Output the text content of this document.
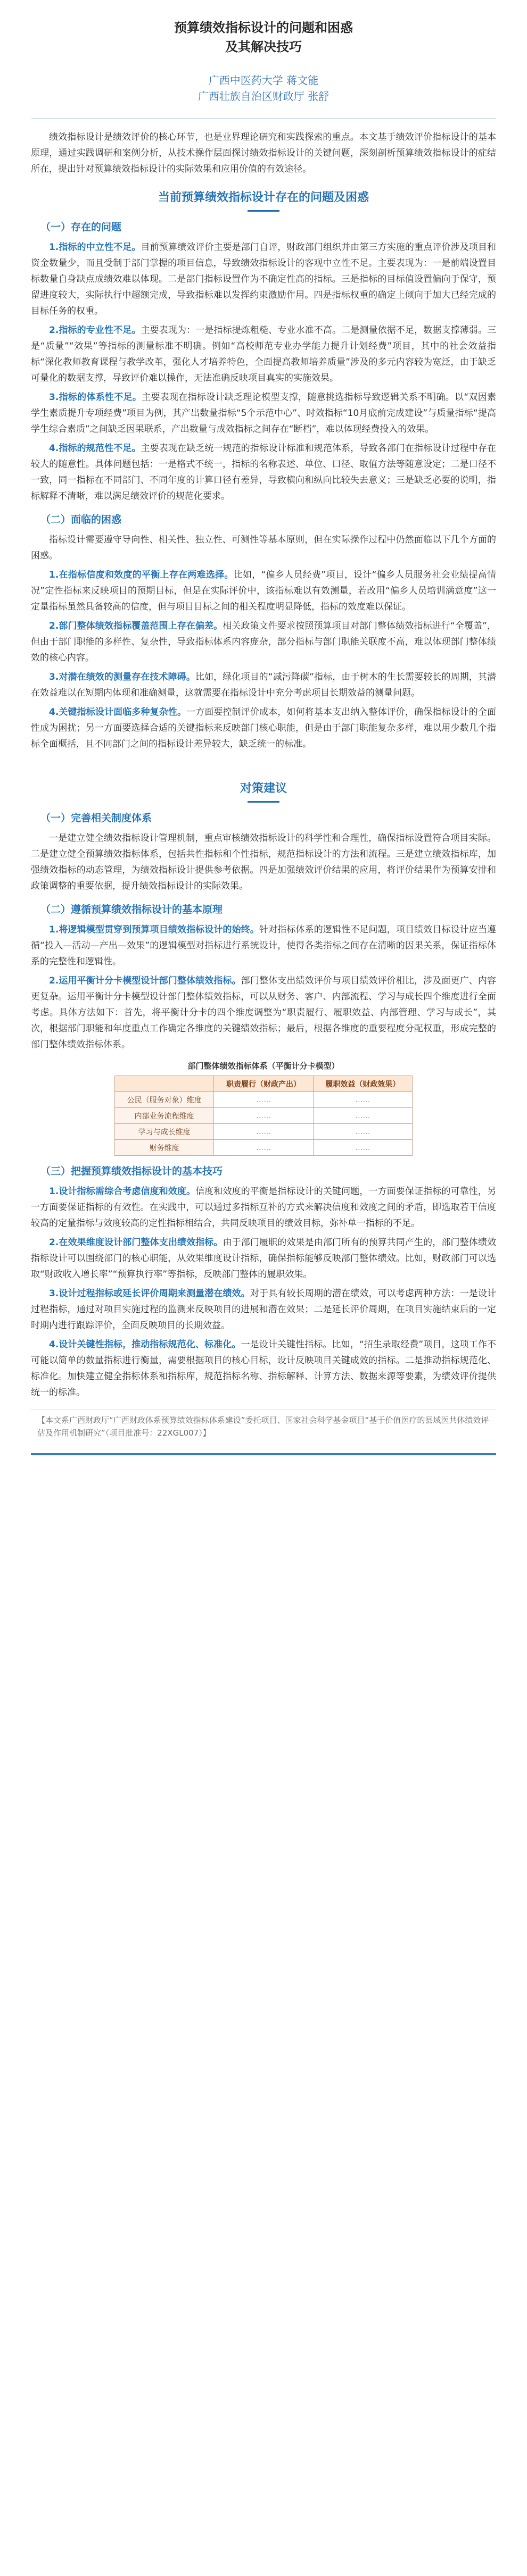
预算绩效指标设计的问题和困惑
及其解决技巧
广西中医药大学 蒋文能
广西壮族自治区财政厅 张舒

绩效指标设计是绩效评价的核心环节，也是业界理论研究和实践探索的重点。本文基于绩效评价指标设计的基本原理，通过实践调研和案例分析，从技术操作层面探讨绩效指标设计的关键问题，深刻剖析预算绩效指标设计的症结所在，提出针对预算绩效指标设计的实际效果和应用价值的有效途径。

当前预算绩效指标设计存在的问题及困惑
（一）存在的问题

1.指标的中立性不足。目前预算绩效评价主要是部门自评，财政部门组织并由第三方实施的重点评价涉及项目和资金数量少，而且受制于部门掌握的项目信息，导致绩效指标设计的客观中立性不足。主要表现为：一是前端设置目标数量自身缺点成绩效难以体现。二是部门指标设置作为不确定性高的指标。三是指标的目标值设置偏向于保守，预留进度较大，实际执行中超额完成，导致指标难以发挥约束激励作用。四是指标权重的确定上倾向于加大已经完成的目标任务的权重。

2.指标的专业性不足。主要表现为：一是指标提炼粗糙、专业水准不高。二是测量依据不足，数据支撑薄弱。三是“质量”“效果”等指标的测量标准不明确。例如“高校师范专业办学能力提升计划经费”项目，其中的社会效益指标“深化教师教育课程与教学改革，强化人才培养特色，全面提高教师培养质量”涉及的多元内容较为宽泛，由于缺乏可量化的数据支撑，导致评价难以操作，无法准确反映项目真实的实施效果。

3.指标的体系性不足。主要表现在指标设计缺乏理论模型支撑，随意挑选指标导致逻辑关系不明确。以“双因素学生素质提升专项经费”项目为例，其产出数量指标“5个示范中心”、时效指标“10月底前完成建设”与质量指标“提高学生综合素质”之间缺乏因果联系，产出数量与成效指标之间存在“断档”，难以体现经费投入的效果。

4.指标的规范性不足。主要表现在缺乏统一规范的指标设计标准和规范体系，导致各部门在指标设计过程中存在较大的随意性。具体问题包括：一是格式不统一，指标的名称表述、单位、口径、取值方法等随意设定；二是口径不一致，同一指标在不同部门、不同年度的计算口径有差异，导致横向和纵向比较失去意义；三是缺乏必要的说明，指标解释不清晰，难以满足绩效评价的规范化要求。

（二）面临的困惑

指标设计需要遵守导向性、相关性、独立性、可测性等基本原则，但在实际操作过程中仍然面临以下几个方面的困惑。

1.在指标信度和效度的平衡上存在两难选择。比如，“偏乡人员经费”项目，设计“偏乡人员服务社会业绩提高情况”定性指标来反映项目的预期目标，但是在实际评价中，该指标难以有效测量，若改用“偏乡人员培训满意度”这一定量指标虽然具备较高的信度，但与项目目标之间的相关程度明显降低，指标的效度难以保证。

2.部门整体绩效指标覆盖范围上存在偏差。相关政策文件要求按照预算项目对部门整体绩效指标进行“全覆盖”，但由于部门职能的多样性、复杂性，导致指标体系内容庞杂，部分指标与部门职能关联度不高，难以体现部门整体绩效的核心内容。

3.对潜在绩效的测量存在技术障碍。比如，绿化项目的“减污降碳”指标，由于树木的生长需要较长的周期，其潜在效益难以在短期内体现和准确测量，这就需要在指标设计中充分考虑项目长期效益的测量问题。

4.关键指标设计面临多种复杂性。一方面要控制评价成本，如何将基本支出纳入整体评价，确保指标设计的全面性成为困扰；另一方面要选择合适的关键指标来反映部门核心职能，但是由于部门职能复杂多样，难以用少数几个指标全面概括，且不同部门之间的指标设计差异较大，缺乏统一的标准。

对策建议
（一）完善相关制度体系

一是建立健全绩效指标设计管理机制，重点审核绩效指标设计的科学性和合理性，确保指标设置符合项目实际。二是建立健全预算绩效指标体系，包括共性指标和个性指标，规范指标设计的方法和流程。三是建立绩效指标库，加强绩效指标的动态管理，为绩效指标设计提供参考依据。四是加强绩效评价结果的应用，将评价结果作为预算安排和政策调整的重要依据，提升绩效指标设计的实际效果。

（二）遵循预算绩效指标设计的基本原理

1.将逻辑模型贯穿到预算项目绩效指标设计的始终。针对指标体系的逻辑性不足问题，项目绩效目标设计应当遵循“投入—活动—产出—效果”的逻辑模型对指标进行系统设计，使得各类指标之间存在清晰的因果关系，保证指标体系的完整性和逻辑性。

2.运用平衡计分卡模型设计部门整体绩效指标。部门整体支出绩效评价与项目绩效评价相比，涉及面更广、内容更复杂。运用平衡计分卡模型设计部门整体绩效指标，可以从财务、客户、内部流程、学习与成长四个维度进行全面考虑。具体方法如下：首先，将平衡计分卡的四个维度调整为“职责履行、履职效益、内部管理、学习与成长”，其次，根据部门职能和年度重点工作确定各维度的关键绩效指标；最后，根据各维度的重要程度分配权重，形成完整的部门整体绩效指标体系。

部门整体绩效指标体系（平衡计分卡模型）
	职责履行（财政产出）	履职效益（财政效果）
公民（服务对象）维度	……	……
内部业务流程维度	……	……
学习与成长维度	……	……
财务维度	……	……
（三）把握预算绩效指标设计的基本技巧

1.设计指标需综合考虑信度和效度。信度和效度的平衡是指标设计的关键问题，一方面要保证指标的可靠性，另一方面要保证指标的有效性。在实践中，可以通过多指标互补的方式来解决信度和效度之间的矛盾，即选取若干信度较高的定量指标与效度较高的定性指标相结合，共同反映项目的绩效目标，弥补单一指标的不足。

2.在效果维度设计部门整体支出绩效指标。由于部门履职的效果是由部门所有的预算共同产生的，部门整体绩效指标设计可以围绕部门的核心职能，从效果维度设计指标，确保指标能够反映部门整体绩效。比如，财政部门可以选取“财政收入增长率”“预算执行率”等指标，反映部门整体的履职效果。

3.设计过程指标或延长评价周期来测量潜在绩效。对于具有较长周期的潜在绩效，可以考虑两种方法：一是设计过程指标，通过对项目实施过程的监测来反映项目的进展和潜在效果；二是延长评价周期，在项目实施结束后的一定时期内进行跟踪评价，全面反映项目的长期效益。

4.设计关键性指标，推动指标规范化、标准化。一是设计关键性指标。比如，“招生录取经费”项目，这项工作不可能以简单的数量指标进行衡量，需要根据项目的核心目标，设计反映项目关键成效的指标。二是推动指标规范化、标准化。加快建立健全指标体系和指标库，规范指标名称、指标解释、计算方法、数据来源等要素，为绩效评价提供统一的标准。

【本文系广西财政厅“广西财政体系预算绩效指标体系建设”委托项目、国家社会科学基金项目“基于价值医疗的县域医共体绩效评估及作用机制研究”（项目批准号：22XGL007）】
